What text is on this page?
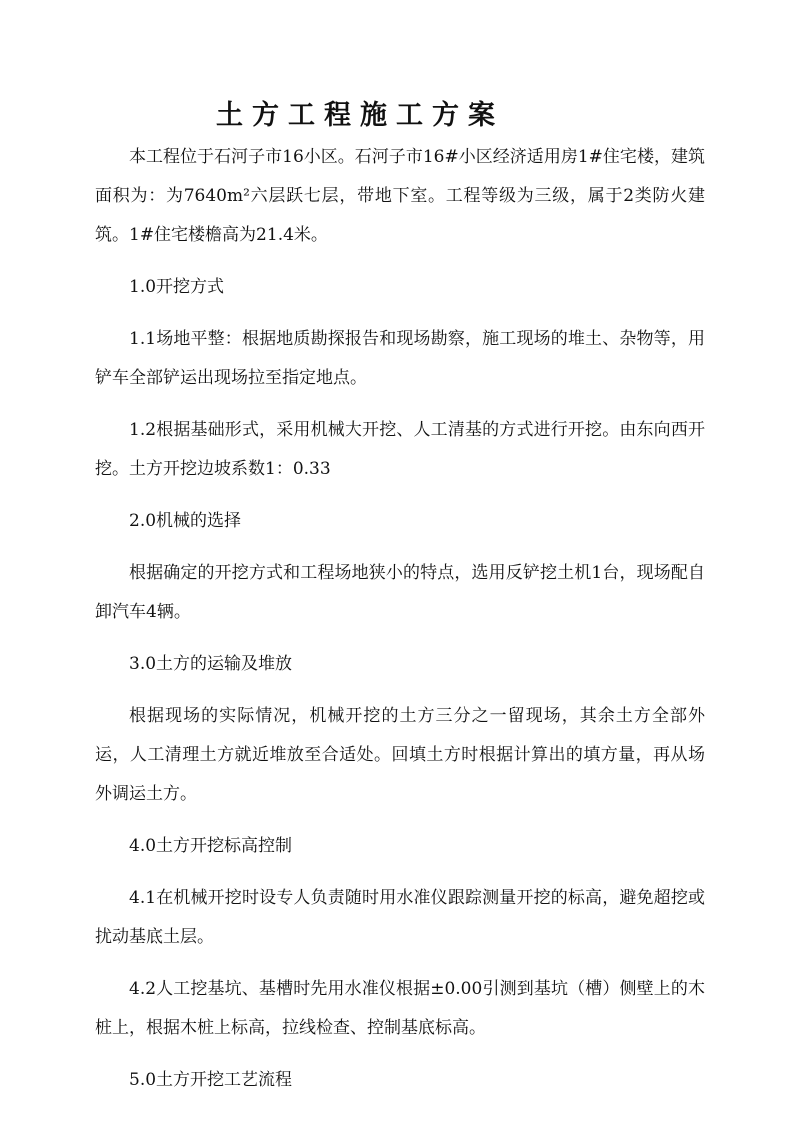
土方工程施工方案

本工程位于石河子市16小区。石河子市16#小区经济适用房1#住宅楼，建筑面积为：为7640m²六层跃七层，带地下室。工程等级为三级，属于2类防火建筑。1#住宅楼檐高为21.4米。

1.0开挖方式

1.1场地平整：根据地质勘探报告和现场勘察，施工现场的堆土、杂物等，用铲车全部铲运出现场拉至指定地点。

1.2根据基础形式，采用机械大开挖、人工清基的方式进行开挖。由东向西开挖。土方开挖边坡系数1：0.33

2.0机械的选择

根据确定的开挖方式和工程场地狭小的特点，选用反铲挖土机1台，现场配自卸汽车4辆。

3.0土方的运输及堆放

根据现场的实际情况，机械开挖的土方三分之一留现场，其余土方全部外运，人工清理土方就近堆放至合适处。回填土方时根据计算出的填方量，再从场外调运土方。

4.0土方开挖标高控制

4.1在机械开挖时设专人负责随时用水准仪跟踪测量开挖的标高，避免超挖或扰动基底土层。

4.2人工挖基坑、基槽时先用水准仪根据±0.00引测到基坑（槽）侧壁上的木桩上，根据木桩上标高，拉线检查、控制基底标高。

5.0土方开挖工艺流程
